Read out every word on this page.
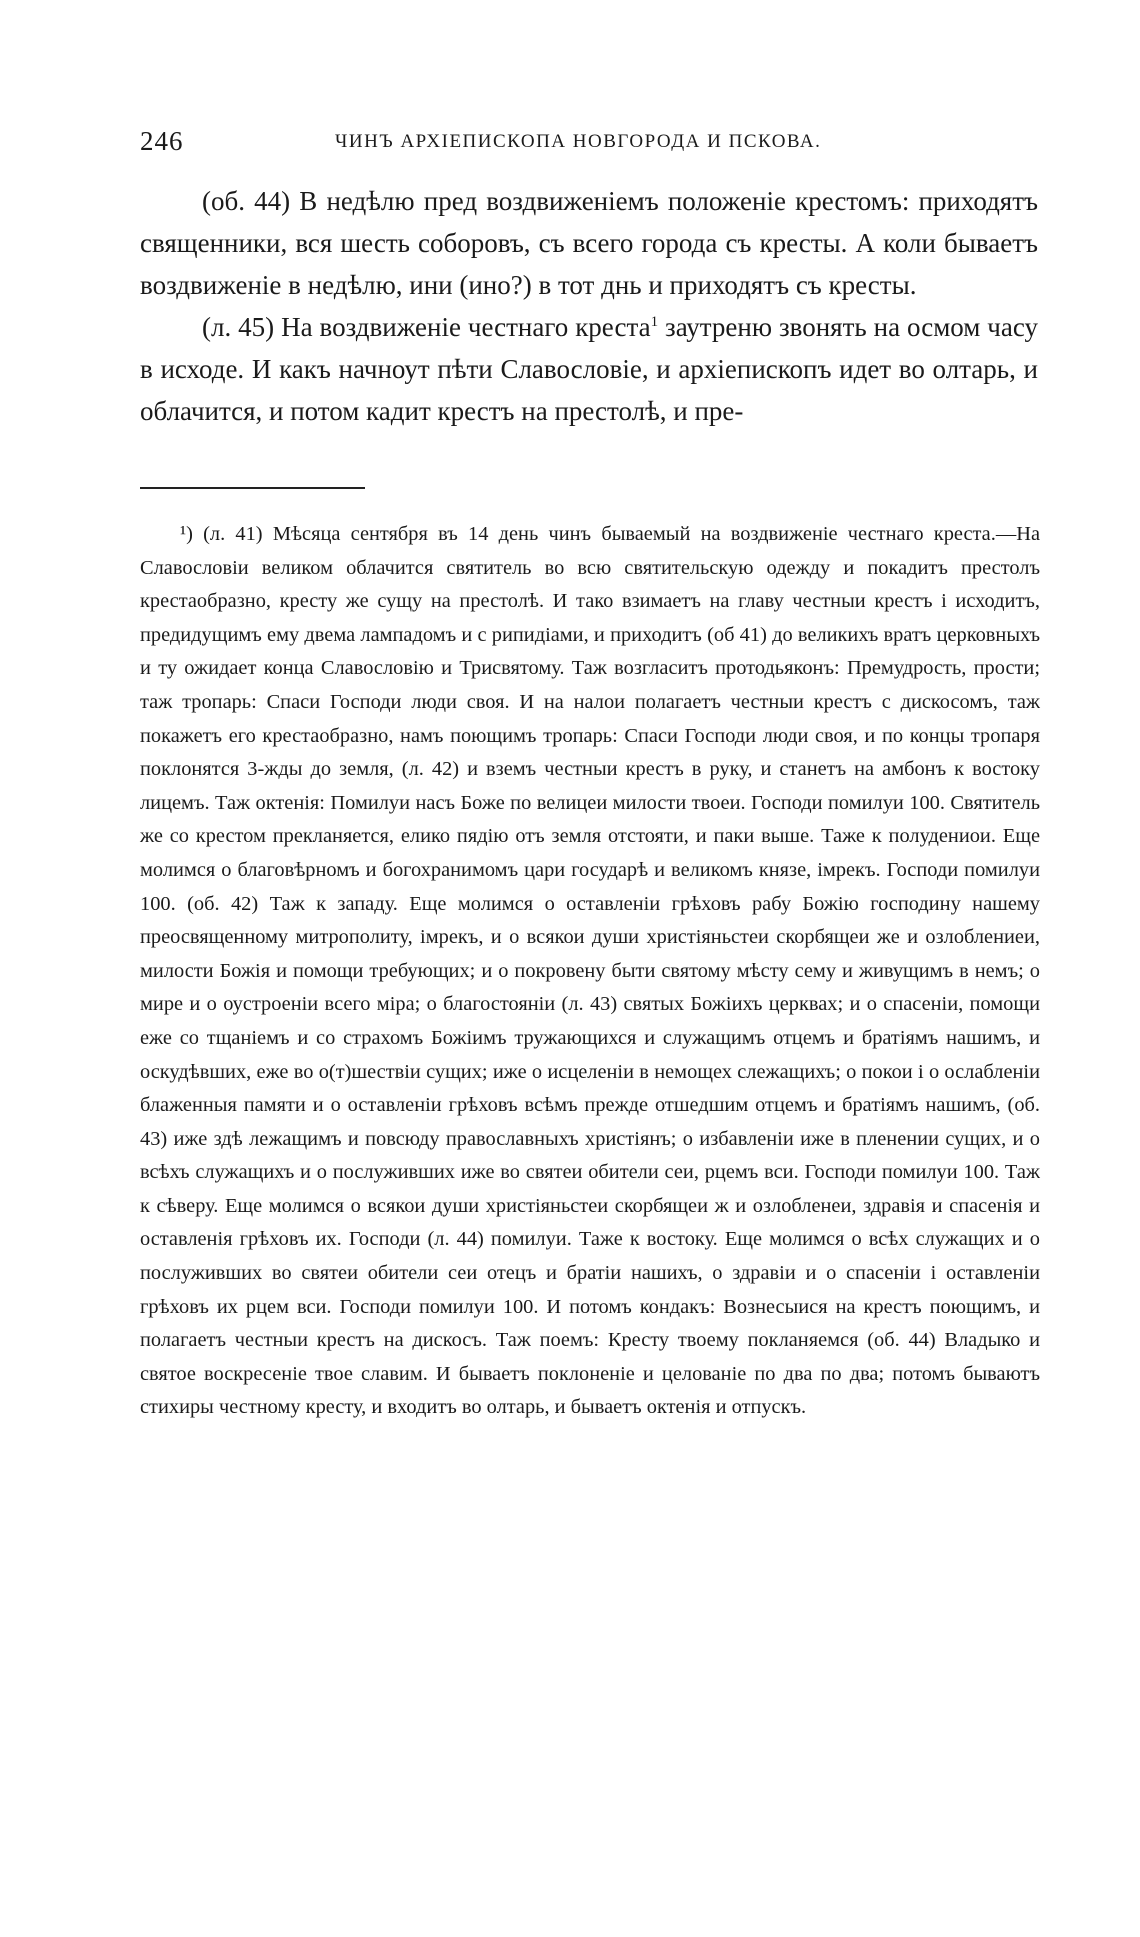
246	ЧИНЪ АРХІЕПИСКОПА НОВГОРОДА И ПСКОВА.

(об. 44) В недѣлю пред воздвиженіемъ положеніе крестомъ: приходятъ священники, вся шесть соборовъ, съ всего города съ кресты. А коли бываетъ воздвиженіе в недѣлю, ини (ино?) в тот днь и приходятъ съ кресты.

(л. 45) На воздвиженіе честнаго креста$^1$ заутреню звонять на осмом часу в исходе. И какъ начноут пѣти Славословіе, и архіепископъ идет во олтарь, и облачится, и потом кадит крестъ на престолѣ, и пре-

¹) (л. 41) Мѣсяца сентября въ 14 день чинъ бываемый на воздвиженіе честнаго креста.—На Славословіи великом облачится святитель во всю святительскую одежду и покадитъ престолъ крестаобразно, кресту же сущу на престолѣ. И тако взимаетъ на главу честныи крестъ і исходитъ, предидущимъ ему двема лампадомъ и с рипидіами, и приходитъ (об 41) до великихъ вратъ церковныхъ и ту ожидает конца Славословію и Трисвятому. Таж возгласитъ протодьяконъ: Премудрость, прости; таж тропарь: Спаси Господи люди своя. И на налои полагаетъ честныи крестъ с дискосомъ, таж покажетъ его крестаобразно, намъ поющимъ тропарь: Спаси Господи люди своя, и по концы тропаря поклонятся 3-жды до земля, (л. 42) и вземъ честныи крестъ в руку, и станетъ на амбонъ к востоку лицемъ. Таж октенія: Помилуи насъ Боже по велицеи милости твоеи. Господи помилуи 100. Святитель же со крестом прекланяется, елико пядію отъ земля отстояти, и паки выше. Таже к полудениои. Еще молимся о благовѣрномъ и богохранимомъ цари государѣ и великомъ князе, імрекъ. Господи помилуи 100. (об. 42) Таж к западу. Еще молимся о оставленіи грѣховъ рабу Божію господину нашему преосвященному митрополиту, імрекъ, и о всякои души христіяньстеи скорбящеи же и озлоблениеи, милости Божія и помощи требующих; и о покровену быти святому мѣсту сему и живущимъ в немъ; о мире и о оустроеніи всего міра; о благостояніи (л. 43) святых Божіихъ церквах; и о спасеніи, помощи еже со тщаніемъ и со страхомъ Божіимъ тружающихся и служащимъ отцемъ и братіямъ нашимъ, и оскудѣвших, еже во о(т)шествіи сущих; иже о исцеленіи в немощех слежащихъ; о покои і о ослабленіи блаженныя памяти и о оставленіи грѣховъ всѣмъ прежде отшедшим отцемъ и братіямъ нашимъ, (об. 43) иже здѣ лежащимъ и повсюду православныхъ христіянъ; о избавленіи иже в пленении сущих, и о всѣхъ служащихъ и о послуживших иже во святеи обители сеи, рцемъ вси. Господи помилуи 100. Таж к сѣверу. Еще молимся о всякои души христіяньстеи скорбящеи ж и озлобленеи, здравія и спасенія и оставленія грѣховъ их. Господи (л. 44) помилуи. Таже к востоку. Еще молимся о всѣх служащих и о послуживших во святеи обители сеи отецъ и братіи нашихъ, о здравіи и о спасеніи і оставленіи грѣховъ их рцем вси. Господи помилуи 100. И потомъ кондакъ: Вознесыися на крестъ поющимъ, и полагаетъ честныи крестъ на дискосъ. Таж поемъ: Кресту твоему покланяемся (об. 44) Владыко и святое воскресеніе твое славим. И бываетъ поклоненіе и целованіе по два по два; потомъ бываютъ стихиры честному кресту, и входитъ во олтарь, и бываетъ октенія и отпускъ.
